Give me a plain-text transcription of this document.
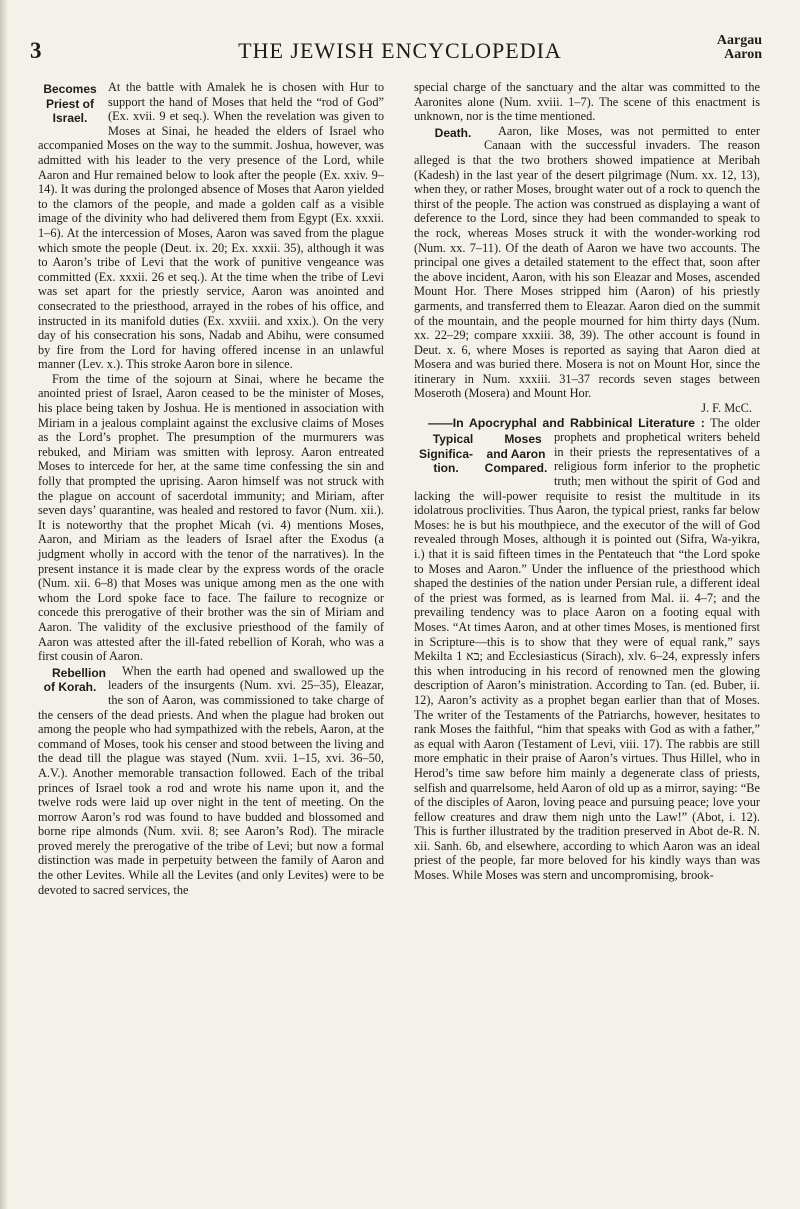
3	THE JEWISH ENCYCLOPEDIA	Aargau
Aaron

Becomes Priest of Israel.
At the battle with Amalek he is chosen with Hur to support the hand of Moses that held the “rod of God” (Ex. xvii. 9 et seq.). When the revelation was given to Moses at Sinai, he headed the elders of Israel who accompanied Moses on the way to the summit. Joshua, however, was admitted with his leader to the very presence of the Lord, while Aaron and Hur remained below to look after the people (Ex. xxiv. 9–14). It was during the prolonged absence of Moses that Aaron yielded to the clamors of the people, and made a golden calf as a visible image of the divinity who had delivered them from Egypt (Ex. xxxii. 1–6). At the intercession of Moses, Aaron was saved from the plague which smote the people (Deut. ix. 20; Ex. xxxii. 35), although it was to Aaron’s tribe of Levi that the work of punitive vengeance was committed (Ex. xxxii. 26 et seq.). At the time when the tribe of Levi was set apart for the priestly service, Aaron was anointed and consecrated to the priesthood, arrayed in the robes of his office, and instructed in its manifold duties (Ex. xxviii. and xxix.). On the very day of his consecration his sons, Nadab and Abihu, were consumed by fire from the Lord for having offered incense in an unlawful manner (Lev. x.). This stroke Aaron bore in silence.

From the time of the sojourn at Sinai, where he became the anointed priest of Israel, Aaron ceased to be the minister of Moses, his place being taken by Joshua. He is mentioned in association with Miriam in a jealous complaint against the exclusive claims of Moses as the Lord’s prophet. The presumption of the murmurers was rebuked, and Miriam was smitten with leprosy. Aaron entreated Moses to intercede for her, at the same time confessing the sin and folly that prompted the uprising. Aaron himself was not struck with the plague on account of sacerdotal immunity; and Miriam, after seven days’ quarantine, was healed and restored to favor (Num. xii.). It is noteworthy that the prophet Micah (vi. 4) mentions Moses, Aaron, and Miriam as the leaders of Israel after the Exodus (a judgment wholly in accord with the tenor of the narratives). In the present instance it is made clear by the express words of the oracle (Num. xii. 6–8) that Moses was unique among men as the one with whom the Lord spoke face to face. The failure to recognize or concede this prerogative of their brother was the sin of Miriam and Aaron. The validity of the exclusive priesthood of the family of Aaron was attested after the ill-fated rebellion of Korah, who was a first cousin of Aaron.

Rebellion of Korah.
When the earth had opened and swallowed up the leaders of the insurgents (Num. xvi. 25–35), Eleazar, the son of Aaron, was commissioned to take charge of the censers of the dead priests. And when the plague had broken out among the people who had sympathized with the rebels, Aaron, at the command of Moses, took his censer and stood between the living and the dead till the plague was stayed (Num. xvii. 1–15, xvi. 36–50, A.V.). Another memorable transaction followed. Each of the tribal princes of Israel took a rod and wrote his name upon it, and the twelve rods were laid up over night in the tent of meeting. On the morrow Aaron’s rod was found to have budded and blossomed and borne ripe almonds (Num. xvii. 8; see Aaron’s Rod). The miracle proved merely the prerogative of the tribe of Levi; but now a formal distinction was made in perpetuity between the family of Aaron and the other Levites. While all the Levites (and only Levites) were to be devoted to sacred services, the

special charge of the sanctuary and the altar was committed to the Aaronites alone (Num. xviii. 1–7). The scene of this enactment is unknown, nor is the time mentioned.

Death.	Aaron, like Moses, was not permitted to enter Canaan with the successful invaders. The reason alleged is that the two brothers showed impatience at Meribah (Kadesh) in the last year of the desert pilgrimage (Num. xx. 12, 13), when they, or rather Moses, brought water out of a rock to quench the thirst of the people. The action was construed as displaying a want of deference to the Lord, since they had been commanded to speak to the rock, whereas Moses struck it with the wonder-working rod (Num. xx. 7–11). Of the death of Aaron we have two accounts. The principal one gives a detailed statement to the effect that, soon after the above incident, Aaron, with his son Eleazar and Moses, ascended Mount Hor. There Moses stripped him (Aaron) of his priestly garments, and transferred them to Eleazar. Aaron died on the summit of the mountain, and the people mourned for him thirty days (Num. xx. 22–29; compare xxxiii. 38, 39). The other account is found in Deut. x. 6, where Moses is reported as saying that Aaron died at Mosera and was buried there. Mosera is not on Mount Hor, since the itinerary in Num. xxxiii. 31–37 records seven stages between Moseroth (Mosera) and Mount Hor.

J. F. McC.

——In Apocryphal and Rabbinical Literature :
Typical Significa- tion.
Moses and Aaron Compared.
The older prophets and prophetical writers beheld in their priests the representatives of a religious form inferior to the prophetic truth; men without the spirit of God and lacking the will-power requisite to resist the multitude in its idolatrous proclivities. Thus Aaron, the typical priest, ranks far below Moses: he is but his mouthpiece, and the executor of the will of God revealed through Moses, although it is pointed out (Sifra, Wa-yikra, i.) that it is said fifteen times in the Pentateuch that “the Lord spoke to Moses and Aaron.” Under the influence of the priesthood which shaped the destinies of the nation under Persian rule, a different ideal of the priest was formed, as is learned from Mal. ii. 4–7; and the prevailing tendency was to place Aaron on a footing equal with Moses. “At times Aaron, and at other times Moses, is mentioned first in Scripture—this is to show that they were of equal rank,” says Mekilta בא 1; and Ecclesiasticus (Sirach), xlv. 6–24, expressly infers this when introducing in his record of renowned men the glowing description of Aaron’s ministration. According to Tan. (ed. Buber, ii. 12), Aaron’s activity as a prophet began earlier than that of Moses. The writer of the Testaments of the Patriarchs, however, hesitates to rank Moses the faithful, “him that speaks with God as with a father,” as equal with Aaron (Testament of Levi, viii. 17). The rabbis are still more emphatic in their praise of Aaron’s virtues. Thus Hillel, who in Herod’s time saw before him mainly a degenerate class of priests, selfish and quarrelsome, held Aaron of old up as a mirror, saying: “Be of the disciples of Aaron, loving peace and pursuing peace; love your fellow creatures and draw them nigh unto the Law!” (Abot, i. 12). This is further illustrated by the tradition preserved in Abot de-R. N. xii. Sanh. 6b, and elsewhere, according to which Aaron was an ideal priest of the people, far more beloved for his kindly ways than was Moses. While Moses was stern and uncompromising, brook-
